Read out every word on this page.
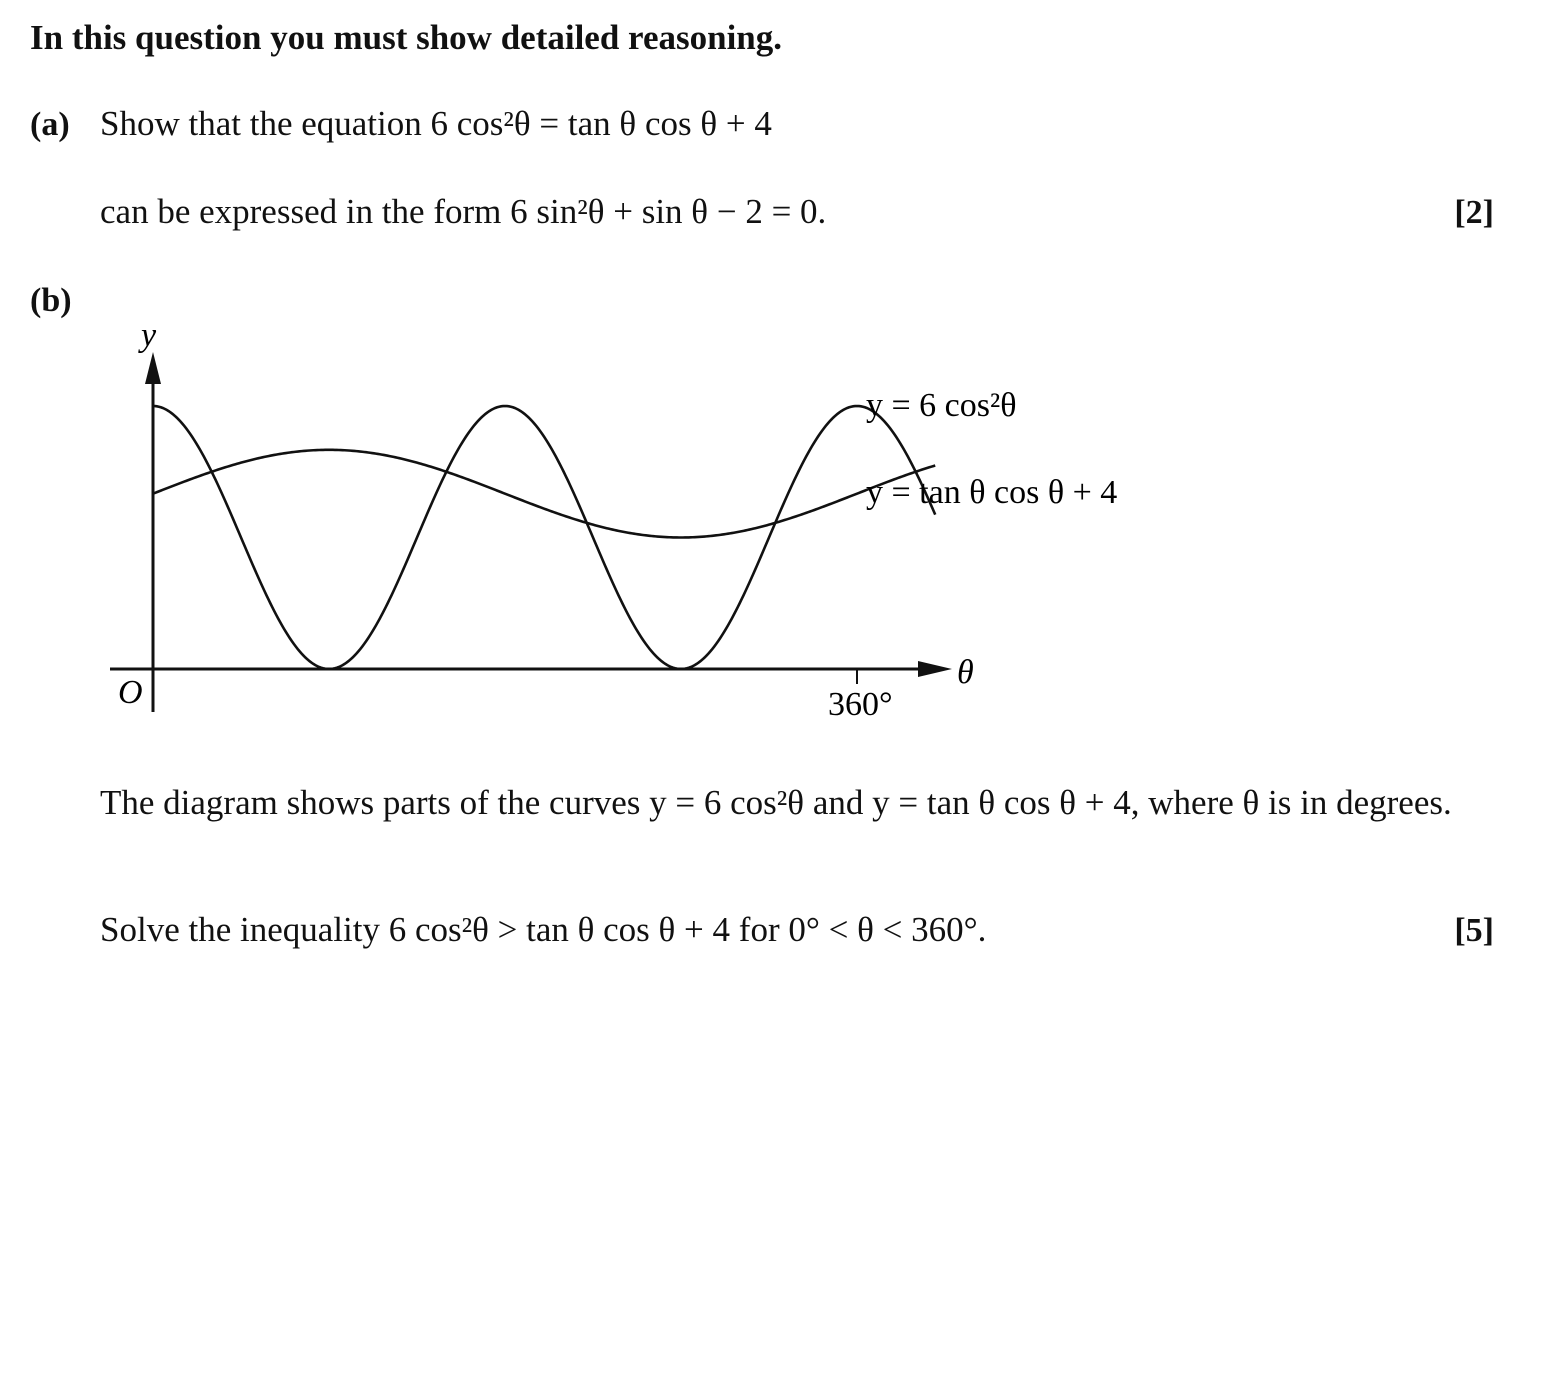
In this question you must show detailed reasoning.
(a) Show that the equation 6 cos²θ = tan θ cos θ + 4
can be expressed in the form 6 sin²θ + sin θ − 2 = 0.	[2]
(b)
y
O	360°
θ
y = 6 cos²θ
y = tan θ cos θ + 4
The diagram shows parts of the curves y = 6 cos²θ and y = tan θ cos θ + 4, where θ is in degrees.
Solve the inequality 6 cos²θ > tan θ cos θ + 4 for 0° < θ < 360°.	[5]
